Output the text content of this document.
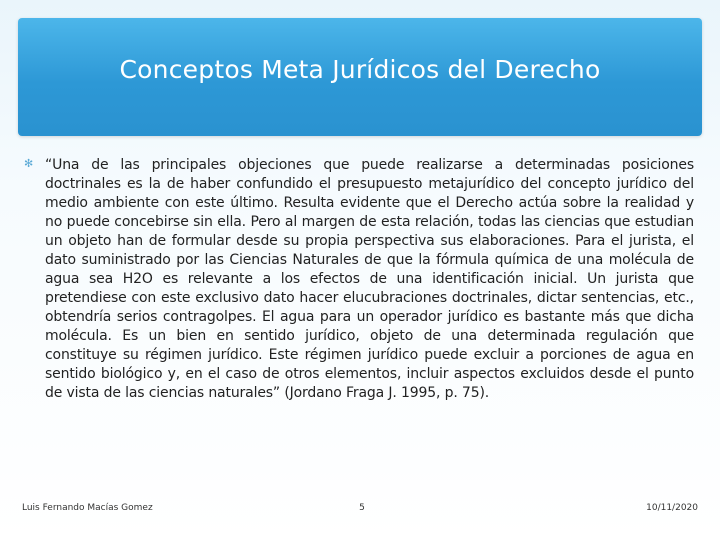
Conceptos Meta Jurídicos del Derecho
✻ “Una de las principales objeciones que puede realizarse a determinadas posiciones doctrinales es la de haber confundido el presupuesto metajurídico del concepto jurídico del medio ambiente con este último. Resulta evidente que el Derecho actúa sobre la realidad y no puede concebirse sin ella. Pero al margen de esta relación, todas las ciencias que estudian un objeto han de formular desde su propia perspectiva sus elaboraciones. Para el jurista, el dato suministrado por las Ciencias Naturales de que la fórmula química de una molécula de agua sea H2O es relevante a los efectos de una identificación inicial. Un jurista que pretendiese con este exclusivo dato hacer elucubraciones doctrinales, dictar sentencias, etc., obtendría serios contragolpes. El agua para un operador jurídico es bastante más que dicha molécula. Es un bien en sentido jurídico, objeto de una determinada regulación que constituye su régimen jurídico. Este régimen jurídico puede excluir a porciones de agua en sentido biológico y, en el caso de otros elementos, incluir aspectos excluidos desde el punto de vista de las ciencias naturales” (Jordano Fraga J. 1995, p. 75).

Luis Fernando Macías Gomez	5	10/11/2020
